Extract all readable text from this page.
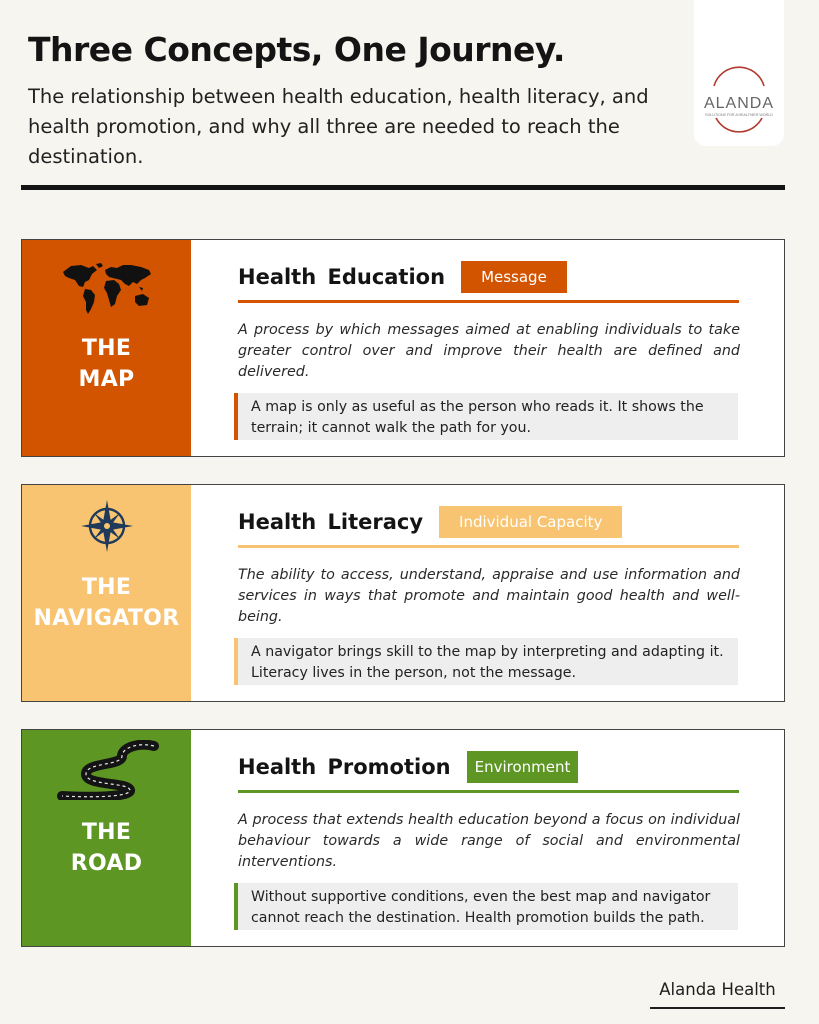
Three Concepts, One Journey.
The relationship between health education, health literacy, and health promotion, and why all three are needed to reach the destination.
ALANDA
SOLUTIONS FOR A HEALTHIER WORLD
THE
MAP
Health Education	Message
A process by which messages aimed at enabling individuals to take greater control over and improve their health are defined and delivered.
A map is only as useful as the person who reads it. It shows the terrain; it cannot walk the path for you.
THE
NAVIGATOR
Health Literacy	Individual Capacity
The ability to access, understand, appraise and use information and services in ways that promote and maintain good health and well-being.
A navigator brings skill to the map by interpreting and adapting it. Literacy lives in the person, not the message.
THE
ROAD
Health Promotion	Environment
A process that extends health education beyond a focus on individual behaviour towards a wide range of social and environmental interventions.
Without supportive conditions, even the best map and navigator cannot reach the destination. Health promotion builds the path.
Alanda Health
